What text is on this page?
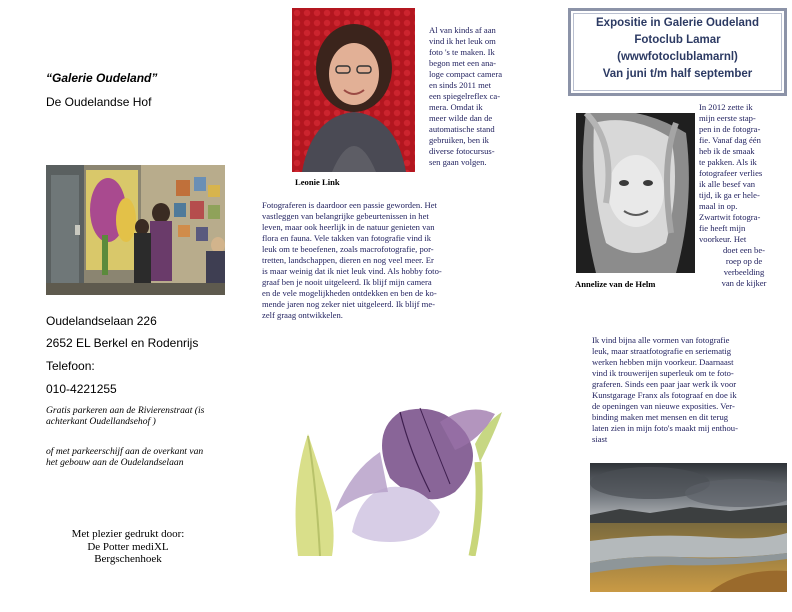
“Galerie Oudeland”
De Oudelandse Hof
Oudelandselaan 226
2652 EL Berkel en Rodenrijs
Telefoon:
010-4221255
Gratis parkeren aan de Rivierenstraat (is achterkant Oudellandsehof )
of met parkeerschijf aan de overkant van het gebouw aan de Oudelandselaan
Met plezier gedrukt door:
De Potter mediXL
Bergschenhoek
Leonie Link

Al van kinds af aan
vind ik het leuk om
foto 's te maken. Ik
begon met een ana-
loge compact camera
en sinds 2011 met
een spiegelreflex ca-
mera. Omdat ik
meer wilde dan de
automatische stand
gebruiken, ben ik
diverse fotocursus-
sen gaan volgen.

Fotograferen is daardoor een passie geworden. Het
vastleggen van belangrijke gebeurtenissen in het
leven, maar ook heerlijk in de natuur genieten van
flora en fauna. Vele takken van fotografie vind ik
leuk om te beoefenen, zoals macrofotografie, por-
tretten, landschappen, dieren en nog veel meer. Er
is maar weinig dat ik niet leuk vind. Als hobby foto-
graaf ben je nooit uitgeleerd. Ik blijf mijn camera
en de vele mogelijkheden ontdekken en ben de ko-
mende jaren nog zeker niet uitgeleerd. Ik blijf me-
zelf graag ontwikkelen.

Expositie in Galerie Oudeland
Fotoclub Lamar
(wwwfotoclublamarnl)
Van juni t/m half september
Annelize van de Helm

In 2012 zette ik
mijn eerste stap-
pen in de fotogra-
fie. Vanaf dag één
heb ik de smaak
te pakken. Als ik
fotografeer verlies
ik alle besef van
tijd, ik ga er hele-
maal in op.
Zwartwit fotogra-
fie heeft mijn
voorkeur. Het

doet een be-
roep op de
verbeelding
van de kijker

Ik vind bijna alle vormen van fotografie
leuk, maar straatfotografie en seriematig
werken hebben mijn voorkeur. Daarnaast
vind ik trouwerijen superleuk om te foto-
graferen. Sinds een paar jaar werk ik voor
Kunstgarage Franx als fotograaf en doe ik
de openingen van nieuwe exposities. Ver-
binding maken met mensen en dit terug
laten zien in mijn foto's maakt mij enthou-
siast
